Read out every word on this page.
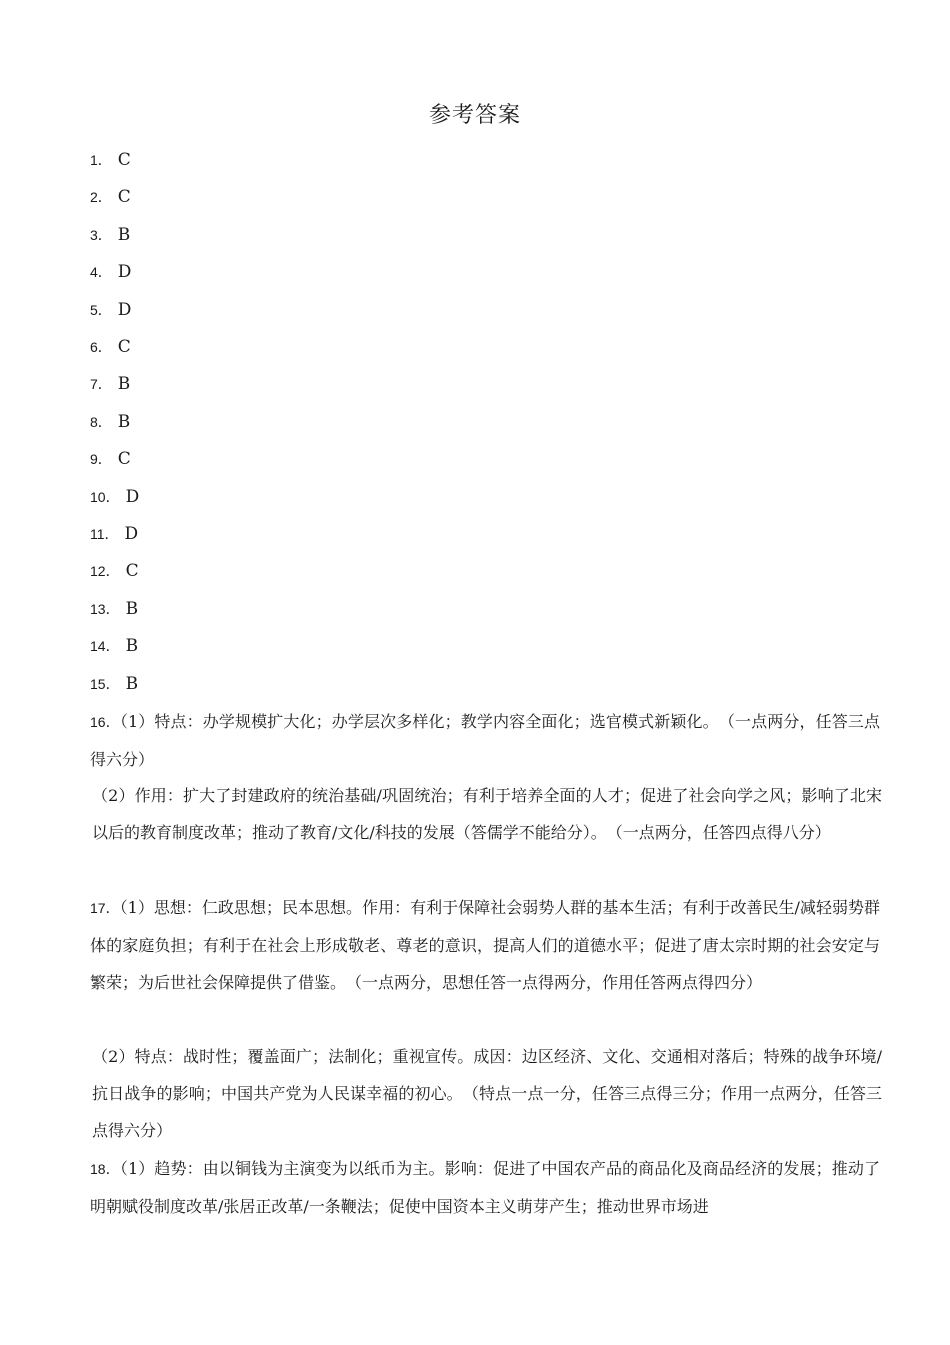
参考答案
1． C
2． C
3． B
4． D
5． D
6． C
7． B
8． B
9． C
10． D
11． D
12． C
13． B
14． B
15． B
16．（1）特点：办学规模扩大化；办学层次多样化；教学内容全面化；选官模式新颖化。　（一点两分，任答三点得六分）
（2）作用：扩大了封建政府的统治基础/巩固统治；有利于培养全面的人才；促进了社会向学之风；影响了北宋以后的教育制度改革；推动了教育/文化/科技的发展（答儒学不能给分）。　（一点两分，任答四点得八分）
17．（1）思想：仁政思想；民本思想。作用：有利于保障社会弱势人群的基本生活；有利于改善民生/减轻弱势群体的家庭负担；有利于在社会上形成敬老、尊老的意识，提高人们的道德水平；促进了唐太宗时期的社会安定与繁荣；为后世社会保障提供了借鉴。　（一点两分，思想任答一点得两分，作用任答两点得四分）
（2）特点：战时性；覆盖面广；法制化；重视宣传。成因：边区经济、文化、交通相对落后；特殊的战争环境/抗日战争的影响；中国共产党为人民谋幸福的初心。　（特点一点一分，任答三点得三分；作用一点两分，任答三点得六分）
18．（1）趋势：由以铜钱为主演变为以纸币为主。影响：促进了中国农产品的商品化及商品经济的发展；推动了明朝赋役制度改革/张居正改革/一条鞭法；促使中国资本主义萌芽产生；推动世界市场进
